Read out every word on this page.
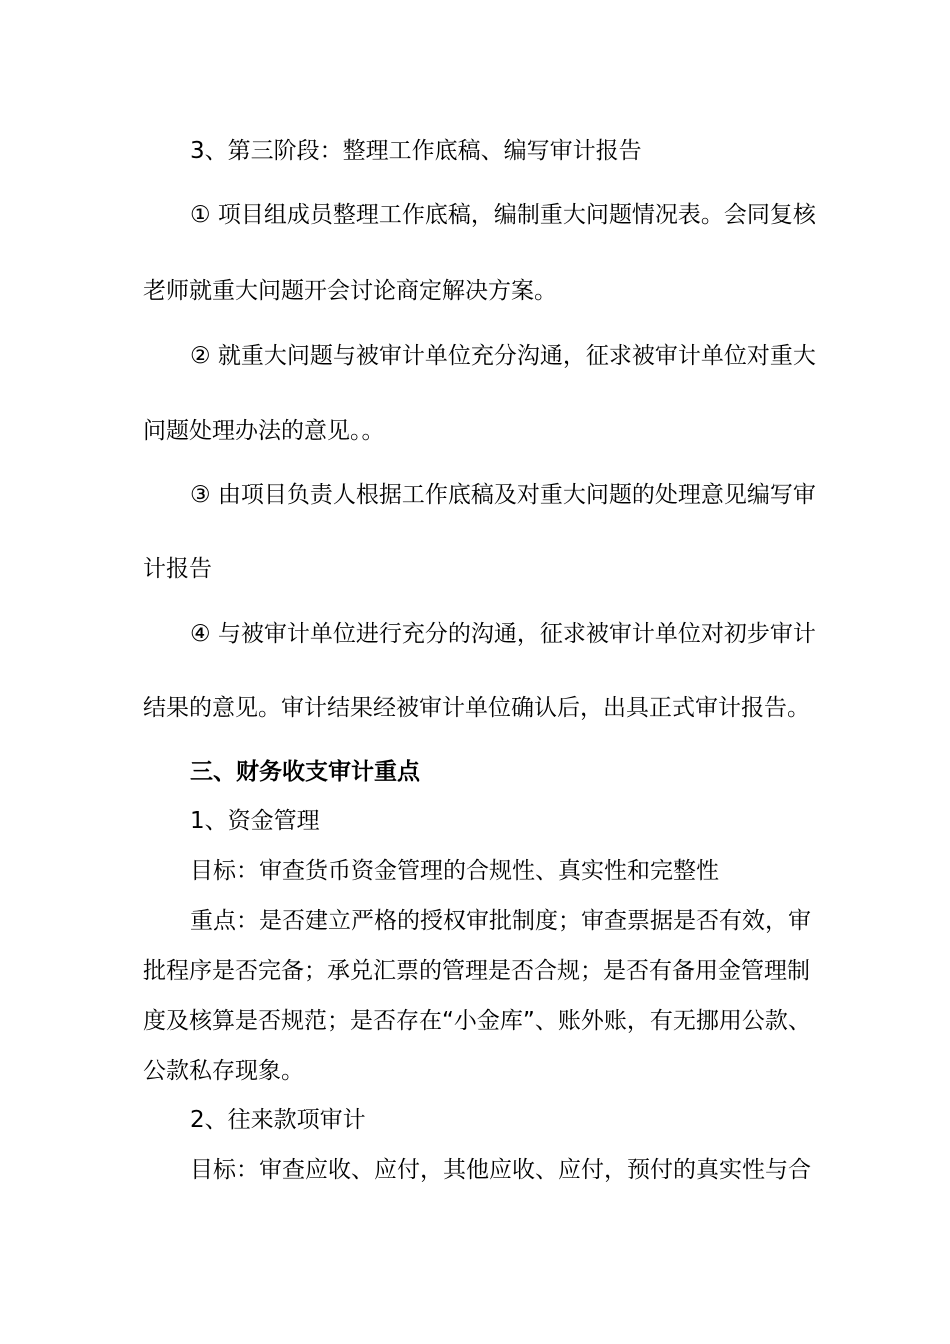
3、第三阶段：整理工作底稿、编写审计报告

① 项目组成员整理工作底稿，编制重大问题情况表。会同复核

老师就重大问题开会讨论商定解决方案。

② 就重大问题与被审计单位充分沟通，征求被审计单位对重大

问题处理办法的意见。。

③ 由项目负责人根据工作底稿及对重大问题的处理意见编写审

计报告

④ 与被审计单位进行充分的沟通，征求被审计单位对初步审计

结果的意见。审计结果经被审计单位确认后，出具正式审计报告。

三、财务收支审计重点

1、资金管理

目标：审查货币资金管理的合规性、真实性和完整性

重点：是否建立严格的授权审批制度；审查票据是否有效，审

批程序是否完备；承兑汇票的管理是否合规；是否有备用金管理制

度及核算是否规范；是否存在“小金库”、账外账，有无挪用公款、

公款私存现象。

2、往来款项审计

目标：审查应收、应付，其他应收、应付，预付的真实性与合
